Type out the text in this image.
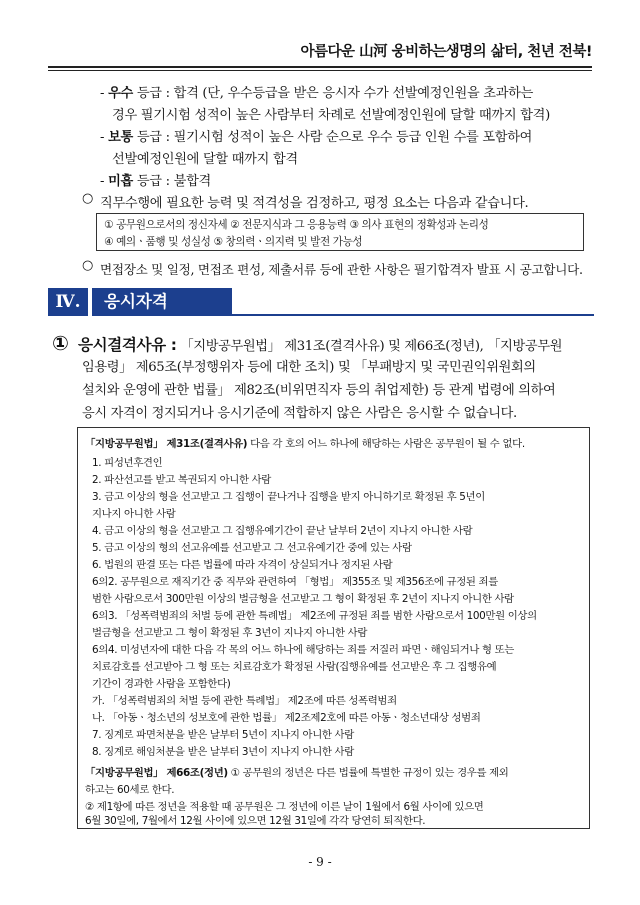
아름다운 山河 웅비하는생명의 삶터, 천년 전북!
- 우수 등급 : 합격 (단, 우수등급을 받은 응시자 수가 선발예정인원을 초과하는
경우 필기시험 성적이 높은 사람부터 차례로 선발예정인원에 달할 때까지 합격)
- 보통 등급 : 필기시험 성적이 높은 사람 순으로 우수 등급 인원 수를 포함하여
선발예정인원에 달할 때까지 합격
- 미흡 등급 : 불합격
○ 직무수행에 필요한 능력 및 적격성을 검정하고, 평정 요소는 다음과 같습니다.
① 공무원으로서의 정신자세 ② 전문지식과 그 응용능력 ③ 의사 표현의 정확성과 논리성
④ 예의ㆍ품행 및 성실성 ⑤ 창의력ㆍ의지력 및 발전 가능성
○ 면접장소 및 일정, 면접조 편성, 제출서류 등에 관한 사항은 필기합격자 발표 시 공고합니다.
Ⅳ.	응시자격
① 응시결격사유 : 「지방공무원법」 제31조(결격사유) 및 제66조(정년), 「지방공무원
임용령」 제65조(부정행위자 등에 대한 조치) 및 「부패방지 및 국민권익위원회의
설치와 운영에 관한 법률」 제82조(비위면직자 등의 취업제한) 등 관계 법령에 의하여
응시 자격이 정지되거나 응시기준에 적합하지 않은 사람은 응시할 수 없습니다.
「지방공무원법」 제31조(결격사유) 다음 각 호의 어느 하나에 해당하는 사람은 공무원이 될 수 없다.
1. 피성년후견인
2. 파산선고를 받고 복권되지 아니한 사람
3. 금고 이상의 형을 선고받고 그 집행이 끝나거나 집행을 받지 아니하기로 확정된 후 5년이
지나지 아니한 사람
4. 금고 이상의 형을 선고받고 그 집행유예기간이 끝난 날부터 2년이 지나지 아니한 사람
5. 금고 이상의 형의 선고유예를 선고받고 그 선고유예기간 중에 있는 사람
6. 법원의 판결 또는 다른 법률에 따라 자격이 상실되거나 정지된 사람
6의2. 공무원으로 재직기간 중 직무와 관련하여 「형법」 제355조 및 제356조에 규정된 죄를
범한 사람으로서 300만원 이상의 벌금형을 선고받고 그 형이 확정된 후 2년이 지나지 아니한 사람
6의3. 「성폭력범죄의 처벌 등에 관한 특례법」 제2조에 규정된 죄를 범한 사람으로서 100만원 이상의
벌금형을 선고받고 그 형이 확정된 후 3년이 지나지 아니한 사람
6의4. 미성년자에 대한 다음 각 목의 어느 하나에 해당하는 죄를 저질러 파면ㆍ해임되거나 형 또는
치료감호를 선고받아 그 형 또는 치료감호가 확정된 사람(집행유예를 선고받은 후 그 집행유예
기간이 경과한 사람을 포함한다)
가. 「성폭력범죄의 처벌 등에 관한 특례법」 제2조에 따른 성폭력범죄
나. 「아동ㆍ청소년의 성보호에 관한 법률」 제2조제2호에 따른 아동ㆍ청소년대상 성범죄
7. 징계로 파면처분을 받은 날부터 5년이 지나지 아니한 사람
8. 징계로 해임처분을 받은 날부터 3년이 지나지 아니한 사람
「지방공무원법」 제66조(정년) ① 공무원의 정년은 다른 법률에 특별한 규정이 있는 경우를 제외
하고는 60세로 한다.
② 제1항에 따른 정년을 적용할 때 공무원은 그 정년에 이른 날이 1월에서 6월 사이에 있으면
6월 30일에, 7월에서 12월 사이에 있으면 12월 31일에 각각 당연히 퇴직한다.
- 9 -
